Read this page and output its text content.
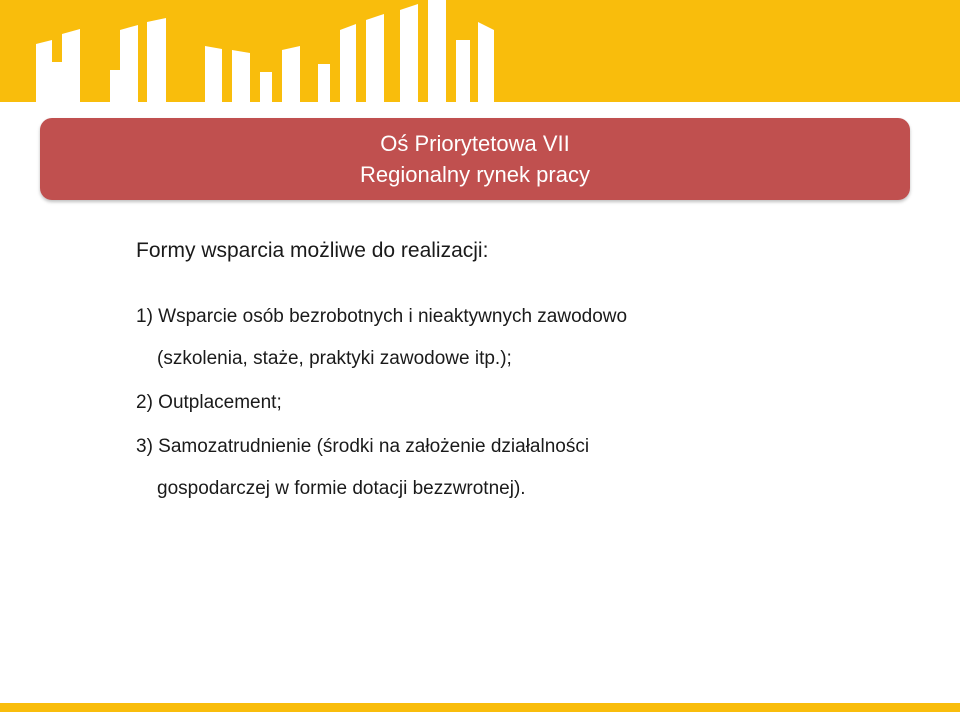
Oś Priorytetowa VII
Regionalny rynek pracy
Formy wsparcia możliwe do realizacji:
1) Wsparcie osób bezrobotnych i nieaktywnych zawodowo
(szkolenia, staże, praktyki zawodowe itp.);
2) Outplacement;
3) Samozatrudnienie (środki na założenie działalności
gospodarczej w formie dotacji bezzwrotnej).
